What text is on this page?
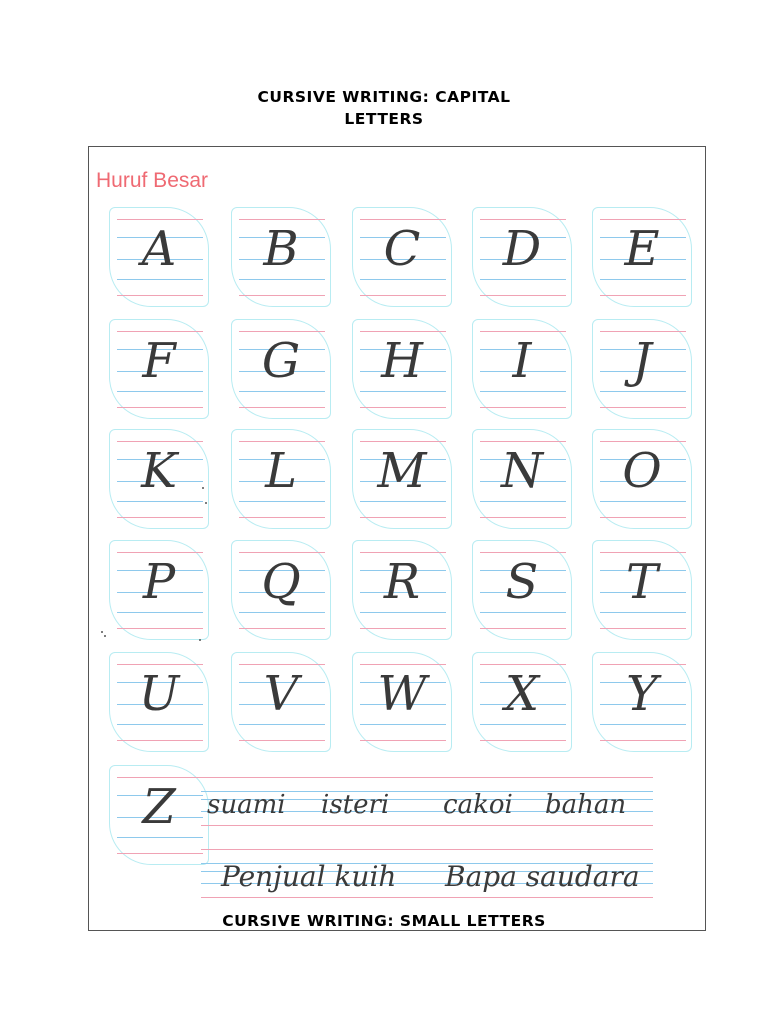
CURSIVE WRITING: CAPITAL
LETTERS
Huruf Besar
A	B	C	D	E
F	G	H	I	J
K	L	M	N	O
P	Q	R	S	T
U	V	W	X	Y
Z	suami isteri cakoi bahan
Penjual kuih Bapa saudara
CURSIVE WRITING: SMALL LETTERS
